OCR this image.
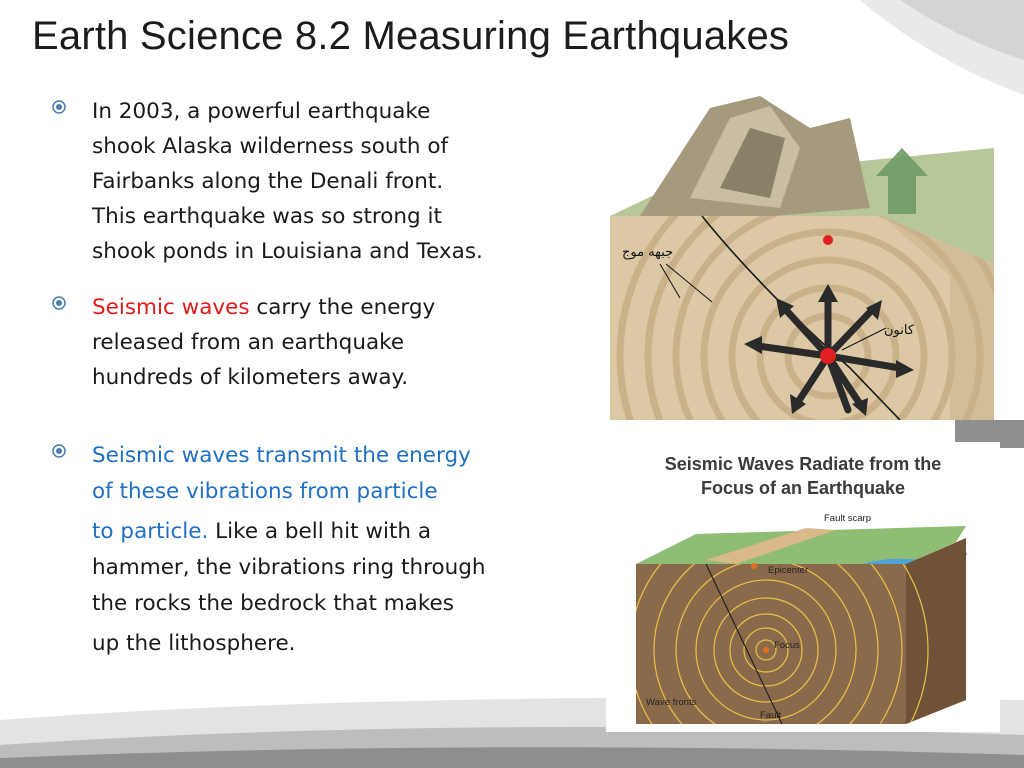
Earth Science 8.2 Measuring Earthquakes
In 2003, a powerful earthquake
shook Alaska wilderness south of
Fairbanks along the Denali front.
This earthquake was so strong it
shook ponds in Louisiana and Texas.
Seismic waves carry the energy
released from an earthquake
hundreds of kilometers away.
Seismic waves transmit the energy
of these vibrations from particle
to particle. Like a bell hit with a
hammer, the vibrations ring through
the rocks the bedrock that makes
up the lithosphere.
جبهه موج
کانون
Seismic Waves Radiate from the
Focus of an Earthquake
Fault scarp
Epicenter
Focus
Wave fronts
Fault
